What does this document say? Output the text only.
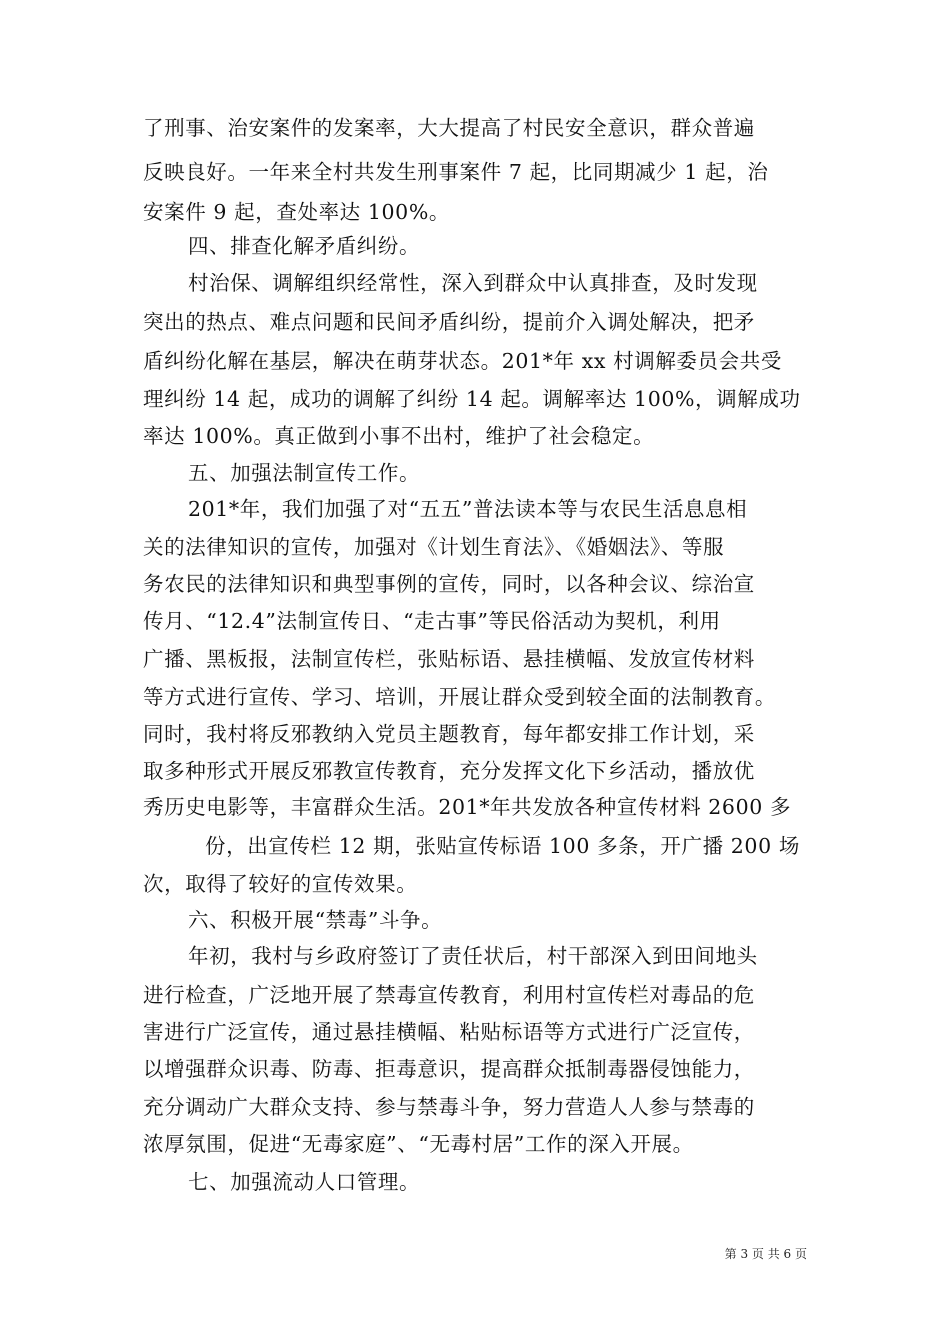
了刑事、治安案件的发案率，大大提高了村民安全意识，群众普遍
反映良好。一年来全村共发生刑事案件 7 起，比同期减少 1 起，治
安案件 9 起，查处率达 100%。
四、排查化解矛盾纠纷。
村治保、调解组织经常性，深入到群众中认真排查，及时发现
突出的热点、难点问题和民间矛盾纠纷，提前介入调处解决，把矛
盾纠纷化解在基层，解决在萌芽状态。201*年 xx 村调解委员会共受
理纠纷 14 起，成功的调解了纠纷 14 起。调解率达 100%，调解成功
率达 100%。真正做到小事不出村，维护了社会稳定。
五、加强法制宣传工作。
201*年，我们加强了对“五五”普法读本等与农民生活息息相
关的法律知识的宣传，加强对《计划生育法》、《婚姻法》、等服
务农民的法律知识和典型事例的宣传，同时，以各种会议、综治宣
传月、“12.4”法制宣传日、“走古事”等民俗活动为契机，利用
广播、黑板报，法制宣传栏，张贴标语、悬挂横幅、发放宣传材料
等方式进行宣传、学习、培训，开展让群众受到较全面的法制教育。
同时，我村将反邪教纳入党员主题教育，每年都安排工作计划，采
取多种形式开展反邪教宣传教育，充分发挥文化下乡活动，播放优
秀历史电影等，丰富群众生活。201*年共发放各种宣传材料 2600 多
份，出宣传栏 12 期，张贴宣传标语 100 多条，开广播 200 场
次，取得了较好的宣传效果。
六、积极开展“禁毒”斗争。
年初，我村与乡政府签订了责任状后，村干部深入到田间地头
进行检查，广泛地开展了禁毒宣传教育，利用村宣传栏对毒品的危
害进行广泛宣传，通过悬挂横幅、粘贴标语等方式进行广泛宣传，
以增强群众识毒、防毒、拒毒意识，提高群众抵制毒器侵蚀能力，
充分调动广大群众支持、参与禁毒斗争，努力营造人人参与禁毒的
浓厚氛围，促进“无毒家庭”、“无毒村居”工作的深入开展。
七、加强流动人口管理。
第 3 页 共 6 页
